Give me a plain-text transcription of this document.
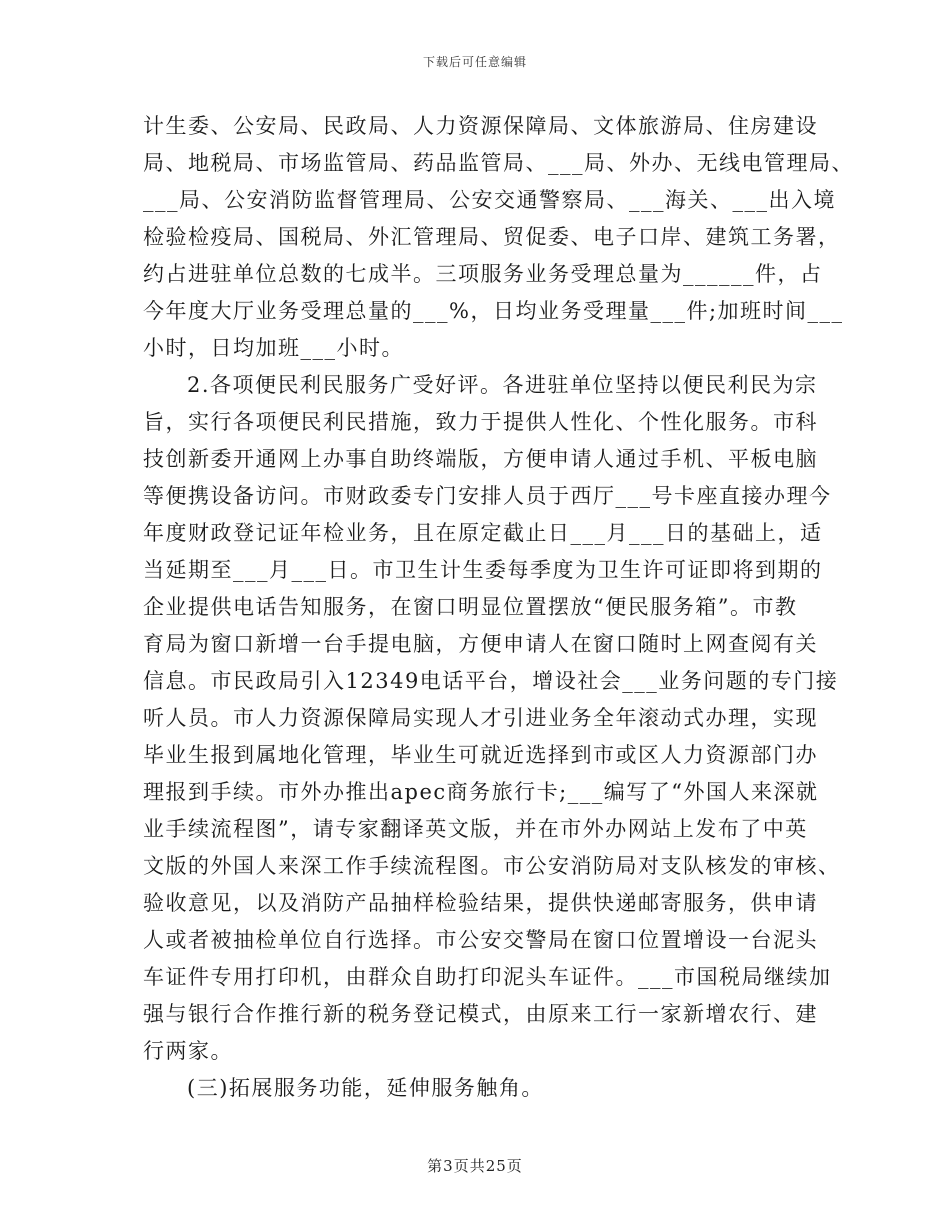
下载后可任意编辑
计生委、公安局、民政局、人力资源保障局、文体旅游局、住房建设
局、地税局、市场监管局、药品监管局、___局、外办、无线电管理局、
___局、公安消防监督管理局、公安交通警察局、___海关、___出入境
检验检疫局、国税局、外汇管理局、贸促委、电子口岸、建筑工务署，
约占进驻单位总数的七成半。三项服务业务受理总量为______件，占
今年度大厅业务受理总量的___%，日均业务受理量___件;加班时间___
小时，日均加班___小时。
2.各项便民利民服务广受好评。各进驻单位坚持以便民利民为宗
旨，实行各项便民利民措施，致力于提供人性化、个性化服务。市科
技创新委开通网上办事自助终端版，方便申请人通过手机、平板电脑
等便携设备访问。市财政委专门安排人员于西厅___号卡座直接办理今
年度财政登记证年检业务，且在原定截止日___月___日的基础上，适
当延期至___月___日。市卫生计生委每季度为卫生许可证即将到期的
企业提供电话告知服务，在窗口明显位置摆放“便民服务箱”。市教
育局为窗口新增一台手提电脑，方便申请人在窗口随时上网查阅有关
信息。市民政局引入12349电话平台，增设社会___业务问题的专门接
听人员。市人力资源保障局实现人才引进业务全年滚动式办理，实现
毕业生报到属地化管理，毕业生可就近选择到市或区人力资源部门办
理报到手续。市外办推出apec商务旅行卡;___编写了“外国人来深就
业手续流程图”，请专家翻译英文版，并在市外办网站上发布了中英
文版的外国人来深工作手续流程图。市公安消防局对支队核发的审核、
验收意见，以及消防产品抽样检验结果，提供快递邮寄服务，供申请
人或者被抽检单位自行选择。市公安交警局在窗口位置增设一台泥头
车证件专用打印机，由群众自助打印泥头车证件。___市国税局继续加
强与银行合作推行新的税务登记模式，由原来工行一家新增农行、建
行两家。
(三)拓展服务功能，延伸服务触角。
第3页共25页
